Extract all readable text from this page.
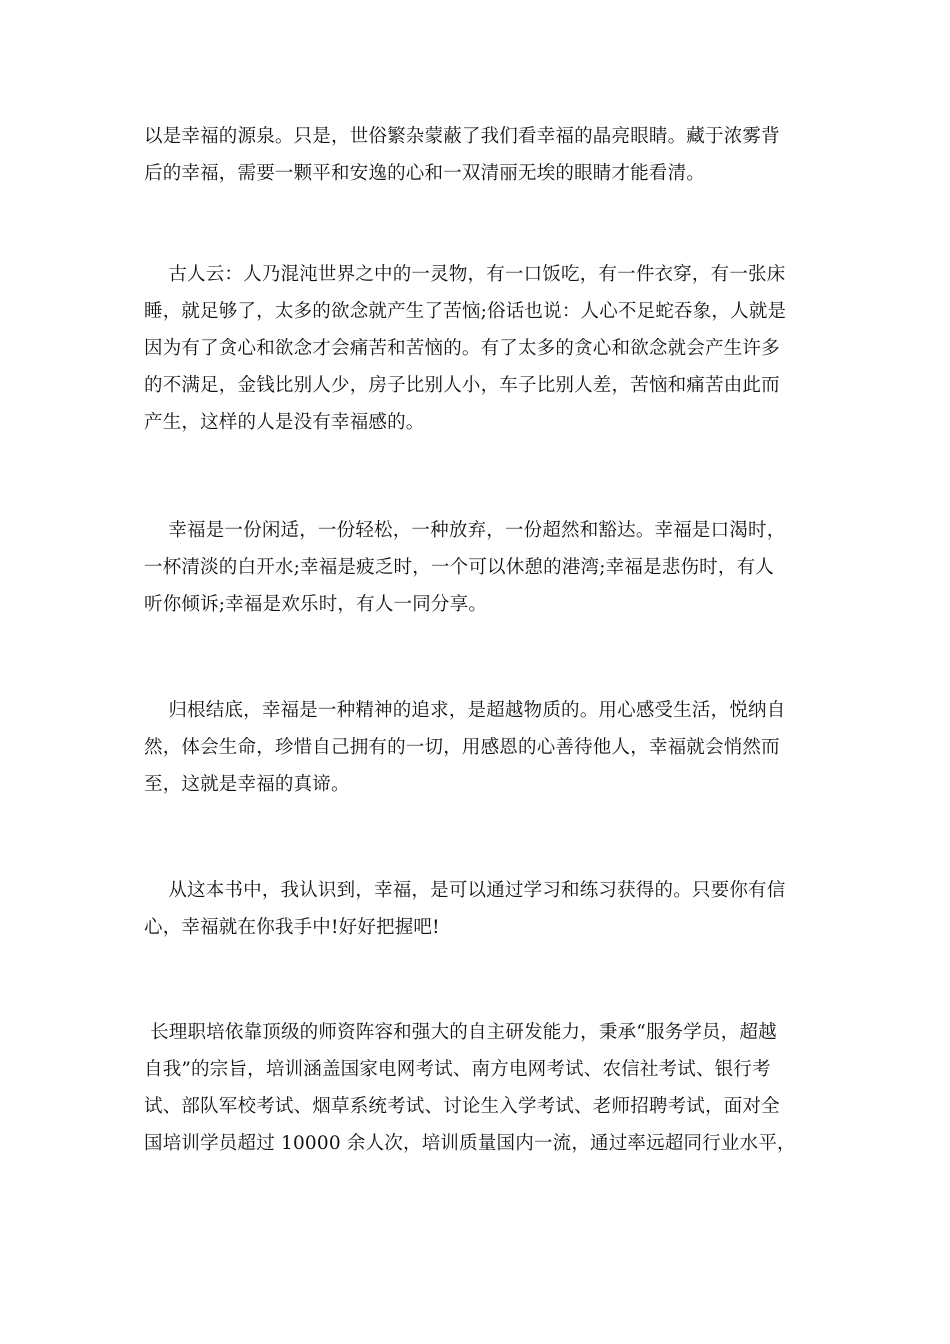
以是幸福的源泉。只是，世俗繁杂蒙蔽了我们看幸福的晶亮眼睛。藏于浓雾背
后的幸福，需要一颗平和安逸的心和一双清丽无埃的眼睛才能看清。

古人云：人乃混沌世界之中的一灵物，有一口饭吃，有一件衣穿，有一张床
睡，就足够了，太多的欲念就产生了苦恼;俗话也说：人心不足蛇吞象，人就是
因为有了贪心和欲念才会痛苦和苦恼的。有了太多的贪心和欲念就会产生许多
的不满足，金钱比别人少，房子比别人小，车子比别人差，苦恼和痛苦由此而
产生，这样的人是没有幸福感的。

幸福是一份闲适，一份轻松，一种放弃，一份超然和豁达。幸福是口渴时，
一杯清淡的白开水;幸福是疲乏时，一个可以休憩的港湾;幸福是悲伤时，有人
听你倾诉;幸福是欢乐时，有人一同分享。

归根结底，幸福是一种精神的追求，是超越物质的。用心感受生活，悦纳自
然，体会生命，珍惜自己拥有的一切，用感恩的心善待他人，幸福就会悄然而
至，这就是幸福的真谛。

从这本书中，我认识到，幸福，是可以通过学习和练习获得的。只要你有信
心，幸福就在你我手中!好好把握吧!

长理职培依靠顶级的师资阵容和强大的自主研发能力，秉承“服务学员，超越
自我”的宗旨，培训涵盖国家电网考试、南方电网考试、农信社考试、银行考
试、部队军校考试、烟草系统考试、讨论生入学考试、老师招聘考试，面对全
国培训学员超过 10000 余人次，培训质量国内一流，通过率远超同行业水平，
